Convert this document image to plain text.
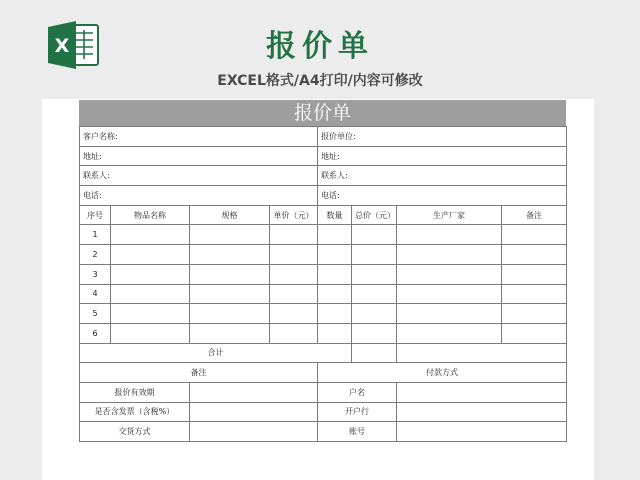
X	报价单
EXCEL格式/A4打印/内容可修改
报价单
客户名称:				报价单位:			
地址:				地址:			
联系人:				联系人:			
电话:				电话:			
序号	物品名称	规格	单价（元）	数量	总价（元）	生产厂家	备注
1							
2							
3							
4							
5							
6							
合计							
备注				付款方式			
报价有效期				户名			
是否含发票（含税%）				开户行			
交货方式				账号			
